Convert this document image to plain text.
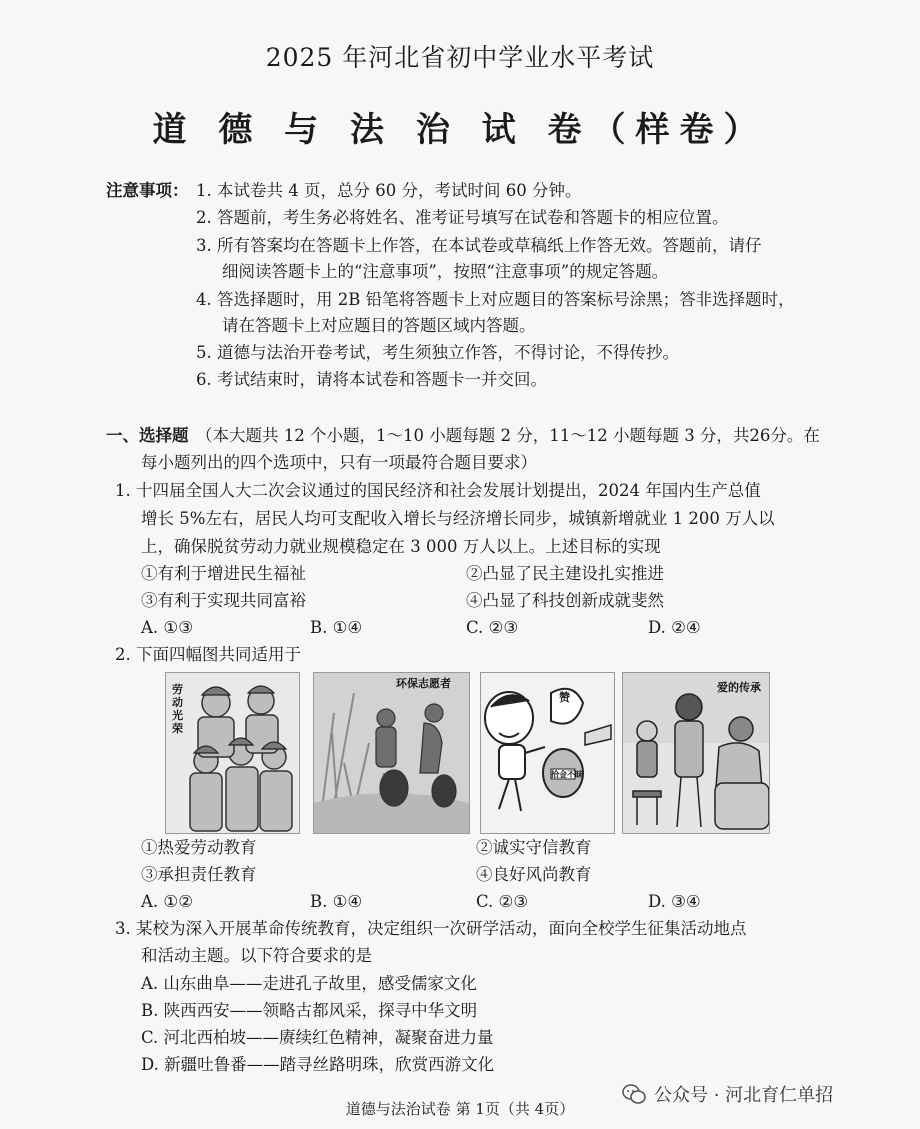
2025 年河北省初中学业水平考试
道 德 与 法 治 试 卷（样卷）
注意事项： 1. 本试卷共 4 页，总分 60 分，考试时间 60 分钟。
2. 答题前，考生务必将姓名、准考证号填写在试卷和答题卡的相应位置。
3. 所有答案均在答题卡上作答，在本试卷或草稿纸上作答无效。答题前，请仔
细阅读答题卡上的“注意事项”，按照“注意事项”的规定答题。
4. 答选择题时，用 2B 铅笔将答题卡上对应题目的答案标号涂黑；答非选择题时，
请在答题卡上对应题目的答题区域内答题。
5. 道德与法治开卷考试，考生须独立作答，不得讨论，不得传抄。
6. 考试结束时，请将本试卷和答题卡一并交回。
一、选择题 （本大题共 12 个小题，1～10 小题每题 2 分，11～12 小题每题 3 分，共26分。在
每小题列出的四个选项中，只有一项最符合题目要求）
1. 十四届全国人大二次会议通过的国民经济和社会发展计划提出，2024 年国内生产总值
增长 5%左右，居民人均可支配收入增长与经济增长同步，城镇新增就业 1 200 万人以
上，确保脱贫劳动力就业规模稳定在 3 000 万人以上。上述目标的实现
①有利于增进民生福祉	②凸显了民主建设扎实推进
③有利于实现共同富裕	④凸显了科技创新成就斐然
A. ①③	B. ①④	C. ②③	D. ②④
2. 下面四幅图共同适用于
劳动光荣
环保志愿者
赞
拾金不昧
爱的传承
①热爱劳动教育	②诚实守信教育
③承担责任教育	④良好风尚教育
A. ①②	B. ①④	C. ②③	D. ③④
3. 某校为深入开展革命传统教育，决定组织一次研学活动，面向全校学生征集活动地点
和活动主题。以下符合要求的是
A. 山东曲阜——走进孔子故里，感受儒家文化
B. 陕西西安——领略古都风采，探寻中华文明
C. 河北西柏坡——赓续红色精神，凝聚奋进力量
D. 新疆吐鲁番——踏寻丝路明珠，欣赏西游文化
公众号 · 河北育仁单招
道德与法治试卷 第 1页（共 4页）
